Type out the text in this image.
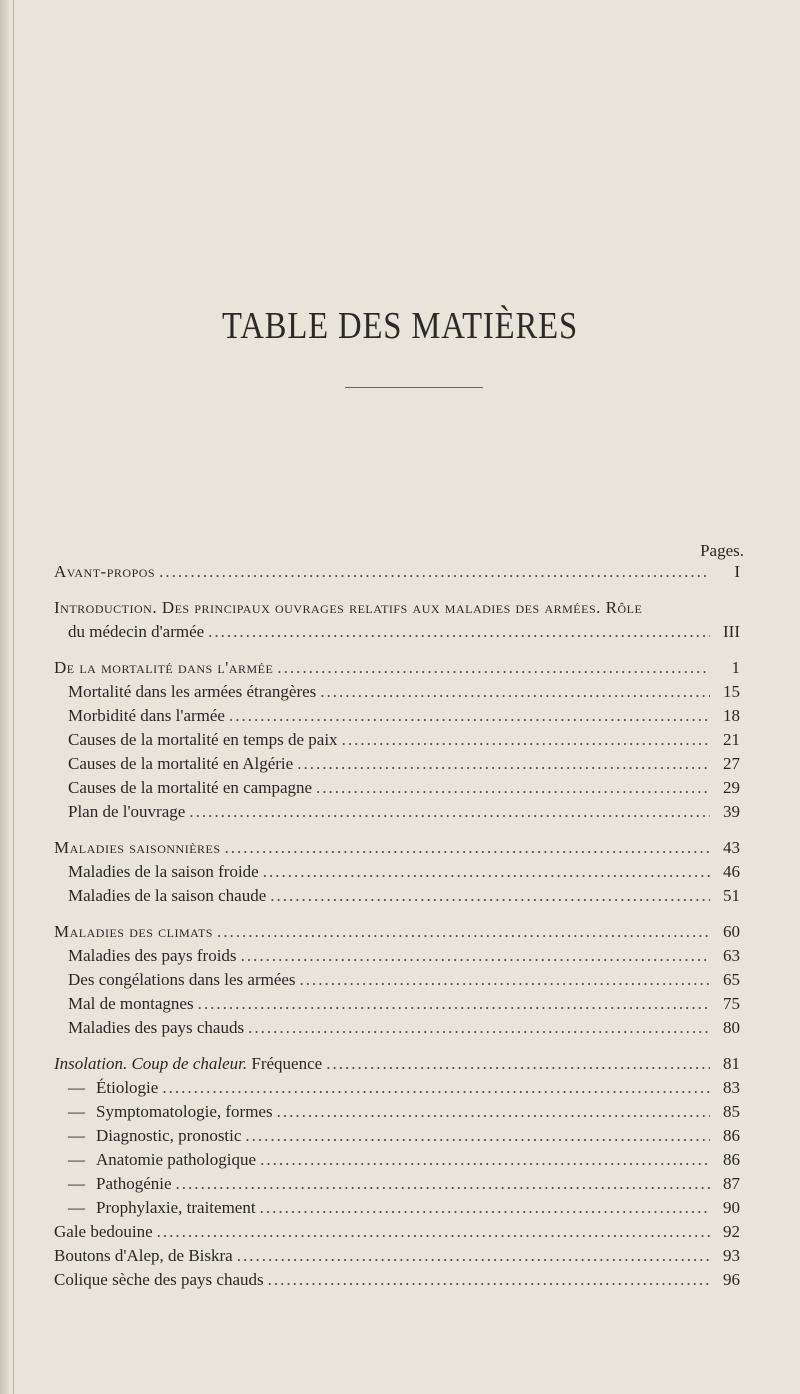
TABLE DES MATIÈRES
Pages.
Avant-propos .....	I
Introduction. Des principaux ouvrages relatifs aux maladies des armées. Rôle
du médecin d'armée .....	III
De la mortalité dans l'armée .....	1
Mortalité dans les armées étrangères .....	15
Morbidité dans l'armée .....	18
Causes de la mortalité en temps de paix .....	21
Causes de la mortalité en Algérie .....	27
Causes de la mortalité en campagne .....	29
Plan de l'ouvrage .....	39
Maladies saisonnières .....	43
Maladies de la saison froide .....	46
Maladies de la saison chaude .....	51
Maladies des climats .....	60
Maladies des pays froids .....	63
Des congélations dans les armées .....	65
Mal de montagnes .....	75
Maladies des pays chauds .....	80
Insolation. Coup de chaleur. Fréquence .....	81
— Étiologie .....	83
— Symptomatologie, formes .....	85
— Diagnostic, pronostic .....	86
— Anatomie pathologique .....	86
— Pathogénie .....	87
— Prophylaxie, traitement .....	90
Gale bedouine .....	92
Boutons d'Alep, de Biskra .....	93
Colique sèche des pays chauds .....	96
